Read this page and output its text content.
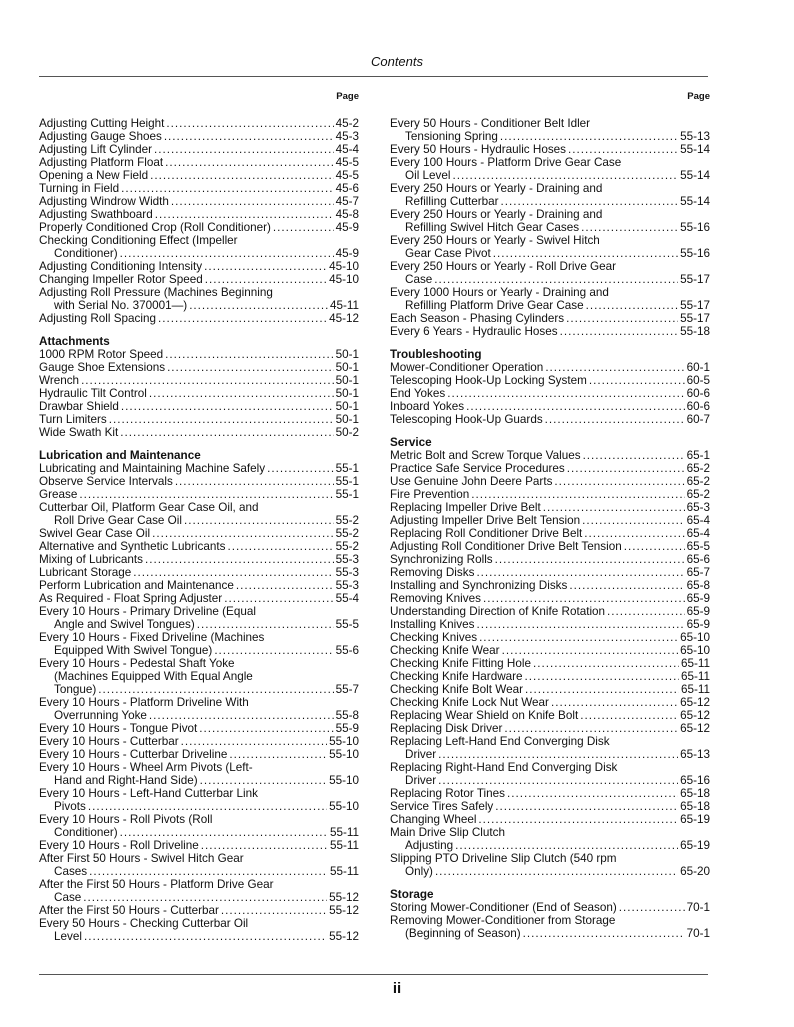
Contents
Page
Adjusting Cutting Height .....	45-2
Adjusting Gauge Shoes .....	45-3
Adjusting Lift Cylinder .....	45-4
Adjusting Platform Float .....	45-5
Opening a New Field .....	45-5
Turning in Field .....	45-6
Adjusting Windrow Width .....	45-7
Adjusting Swathboard .....	45-8
Properly Conditioned Crop (Roll Conditioner) .....	45-9
Checking Conditioning Effect (Impeller
Conditioner) .....	45-9
Adjusting Conditioning Intensity .....	45-10
Changing Impeller Rotor Speed .....	45-10
Adjusting Roll Pressure (Machines Beginning
with Serial No. 370001—) .....	45-11
Adjusting Roll Spacing .....	45-12
Attachments
1000 RPM Rotor Speed .....	50-1
Gauge Shoe Extensions .....	50-1
Wrench .....	50-1
Hydraulic Tilt Control .....	50-1
Drawbar Shield .....	50-1
Turn Limiters .....	50-1
Wide Swath Kit .....	50-2
Lubrication and Maintenance
Lubricating and Maintaining Machine Safely .....	55-1
Observe Service Intervals .....	55-1
Grease .....	55-1
Cutterbar Oil, Platform Gear Case Oil, and
Roll Drive Gear Case Oil .....	55-2
Swivel Gear Case Oil .....	55-2
Alternative and Synthetic Lubricants .....	55-2
Mixing of Lubricants .....	55-3
Lubricant Storage .....	55-3
Perform Lubrication and Maintenance .....	55-3
As Required - Float Spring Adjuster .....	55-4
Every 10 Hours - Primary Driveline (Equal
Angle and Swivel Tongues) .....	55-5
Every 10 Hours - Fixed Driveline (Machines
Equipped With Swivel Tongue) .....	55-6
Every 10 Hours - Pedestal Shaft Yoke
(Machines Equipped With Equal Angle
Tongue) .....	55-7
Every 10 Hours - Platform Driveline With
Overrunning Yoke .....	55-8
Every 10 Hours - Tongue Pivot .....	55-9
Every 10 Hours - Cutterbar .....	55-10
Every 10 Hours - Cutterbar Driveline .....	55-10
Every 10 Hours - Wheel Arm Pivots (Left-
Hand and Right-Hand Side) .....	55-10
Every 10 Hours - Left-Hand Cutterbar Link
Pivots .....	55-10
Every 10 Hours - Roll Pivots (Roll
Conditioner) .....	55-11
Every 10 Hours - Roll Driveline .....	55-11
After First 50 Hours - Swivel Hitch Gear
Cases .....	55-11
After the First 50 Hours - Platform Drive Gear
Case .....	55-12
After the First 50 Hours - Cutterbar .....	55-12
Every 50 Hours - Checking Cutterbar Oil
Level .....	55-12
Page
Every 50 Hours - Conditioner Belt Idler
Tensioning Spring .....	55-13
Every 50 Hours - Hydraulic Hoses .....	55-14
Every 100 Hours - Platform Drive Gear Case
Oil Level .....	55-14
Every 250 Hours or Yearly - Draining and
Refilling Cutterbar .....	55-14
Every 250 Hours or Yearly - Draining and
Refilling Swivel Hitch Gear Cases .....	55-16
Every 250 Hours or Yearly - Swivel Hitch
Gear Case Pivot .....	55-16
Every 250 Hours or Yearly - Roll Drive Gear
Case .....	55-17
Every 1000 Hours or Yearly - Draining and
Refilling Platform Drive Gear Case .....	55-17
Each Season - Phasing Cylinders .....	55-17
Every 6 Years - Hydraulic Hoses .....	55-18
Troubleshooting
Mower-Conditioner Operation .....	60-1
Telescoping Hook-Up Locking System .....	60-5
End Yokes .....	60-6
Inboard Yokes .....	60-6
Telescoping Hook-Up Guards .....	60-7
Service
Metric Bolt and Screw Torque Values .....	65-1
Practice Safe Service Procedures .....	65-2
Use Genuine John Deere Parts .....	65-2
Fire Prevention .....	65-2
Replacing Impeller Drive Belt .....	65-3
Adjusting Impeller Drive Belt Tension .....	65-4
Replacing Roll Conditioner Drive Belt .....	65-4
Adjusting Roll Conditioner Drive Belt Tension .....	65-5
Synchronizing Rolls .....	65-6
Removing Disks .....	65-7
Installing and Synchronizing Disks .....	65-8
Removing Knives .....	65-9
Understanding Direction of Knife Rotation .....	65-9
Installing Knives .....	65-9
Checking Knives .....	65-10
Checking Knife Wear .....	65-10
Checking Knife Fitting Hole .....	65-11
Checking Knife Hardware .....	65-11
Checking Knife Bolt Wear .....	65-11
Checking Knife Lock Nut Wear .....	65-12
Replacing Wear Shield on Knife Bolt .....	65-12
Replacing Disk Driver .....	65-12
Replacing Left-Hand End Converging Disk
Driver .....	65-13
Replacing Right-Hand End Converging Disk
Driver .....	65-16
Replacing Rotor Tines .....	65-18
Service Tires Safely .....	65-18
Changing Wheel .....	65-19
Main Drive Slip Clutch
Adjusting .....	65-19
Slipping PTO Driveline Slip Clutch (540 rpm
Only) .....	65-20
Storage
Storing Mower-Conditioner (End of Season) .....	70-1
Removing Mower-Conditioner from Storage
(Beginning of Season) .....	70-1
ii
